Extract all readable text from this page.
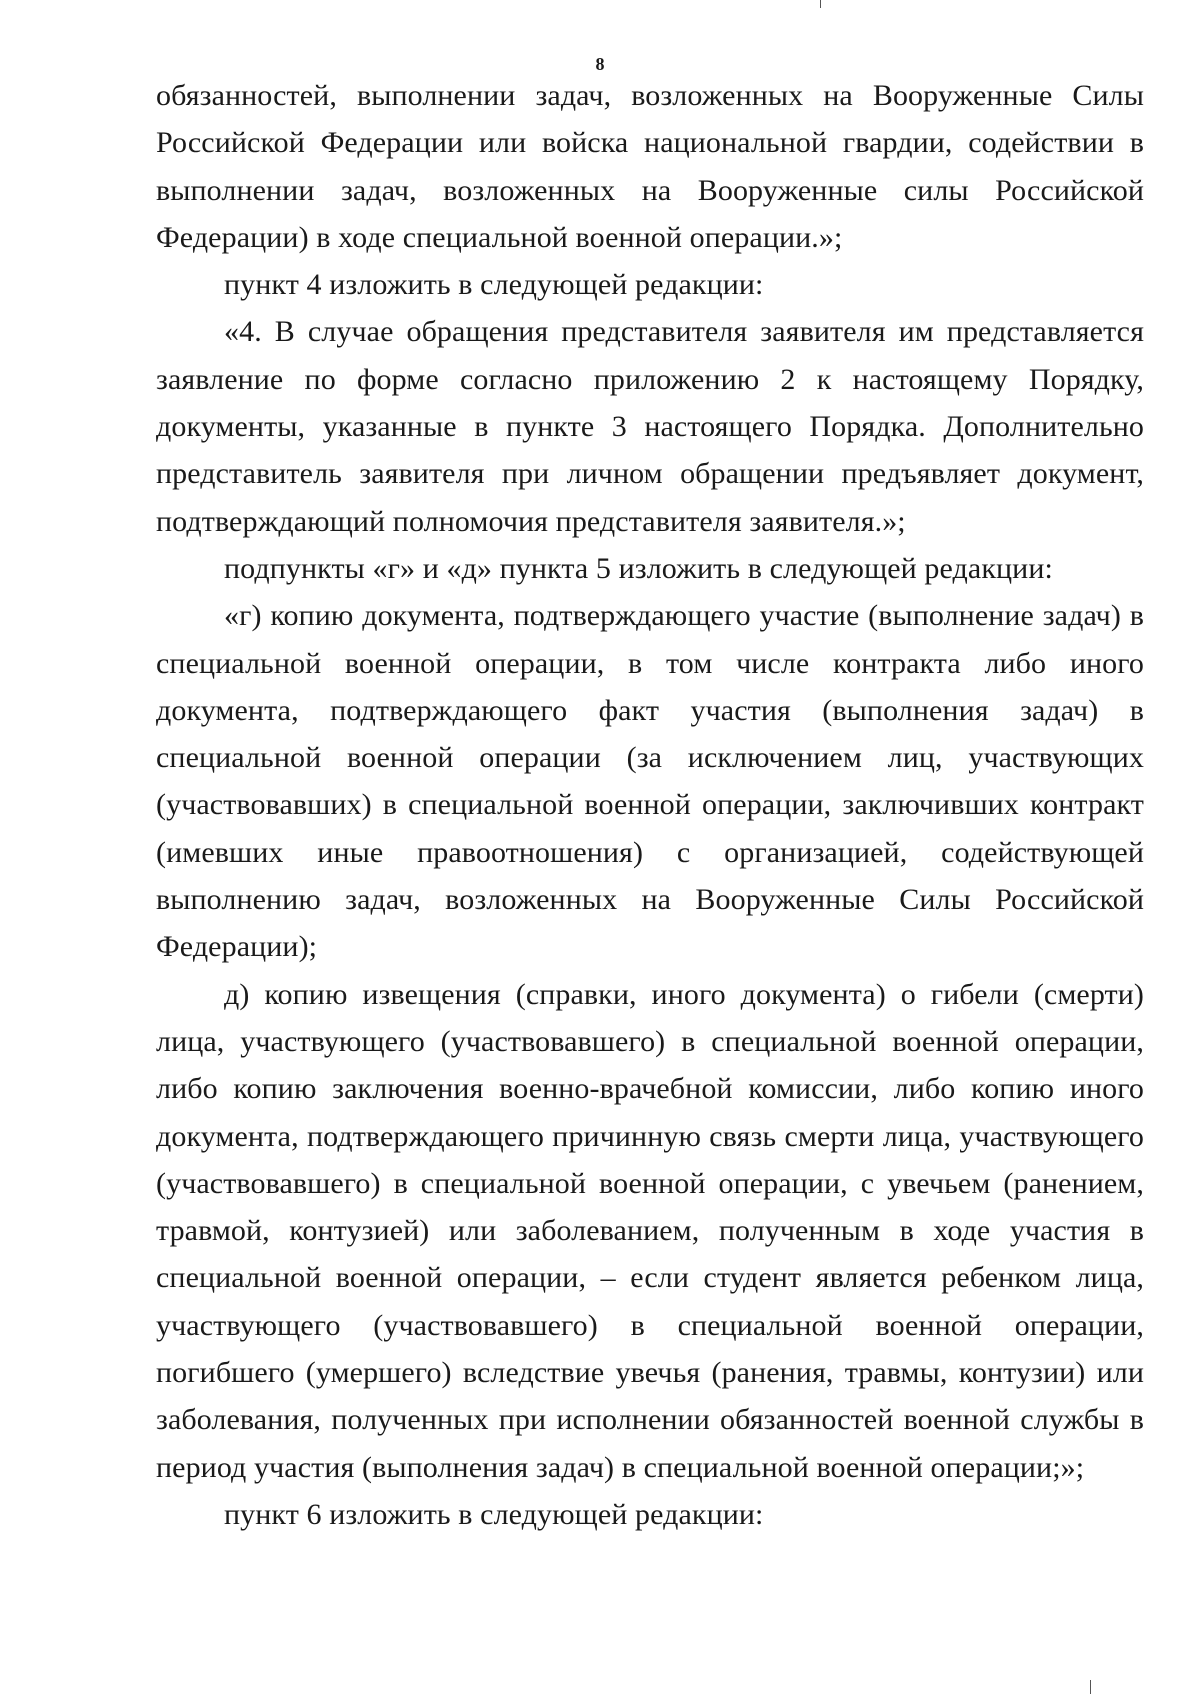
8

обязанностей, выполнении задач, возложенных на Вооруженные Силы Российской Федерации или войска национальной гвардии, содействии в выполнении задач, возложенных на Вооруженные силы Российской Федерации) в ходе специальной военной операции.»;

пункт 4 изложить в следующей редакции:

«4. В случае обращения представителя заявителя им представляется заявление по форме согласно приложению 2 к настоящему Порядку, документы, указанные в пункте 3 настоящего Порядка. Дополнительно представитель заявителя при личном обращении предъявляет документ, подтверждающий полномочия представителя заявителя.»;

подпункты «г» и «д» пункта 5 изложить в следующей редакции:

«г) копию документа, подтверждающего участие (выполнение задач) в специальной военной операции, в том числе контракта либо иного документа, подтверждающего факт участия (выполнения задач) в специальной военной операции (за исключением лиц, участвующих (участвовавших) в специальной военной операции, заключивших контракт (имевших иные правоотношения) с организацией, содействующей выполнению задач, возложенных на Вооруженные Силы Российской Федерации);

д) копию извещения (справки, иного документа) о гибели (смерти) лица, участвующего (участвовавшего) в специальной военной операции, либо копию заключения военно-врачебной комиссии, либо копию иного документа, подтверждающего причинную связь смерти лица, участвующего (участвовавшего) в специальной военной операции, с увечьем (ранением, травмой, контузией) или заболеванием, полученным в ходе участия в специальной военной операции, – если студент является ребенком лица, участвующего (участвовавшего) в специальной военной операции, погибшего (умершего) вследствие увечья (ранения, травмы, контузии) или заболевания, полученных при исполнении обязанностей военной службы в период участия (выполнения задач) в специальной военной операции;»;

пункт 6 изложить в следующей редакции:
